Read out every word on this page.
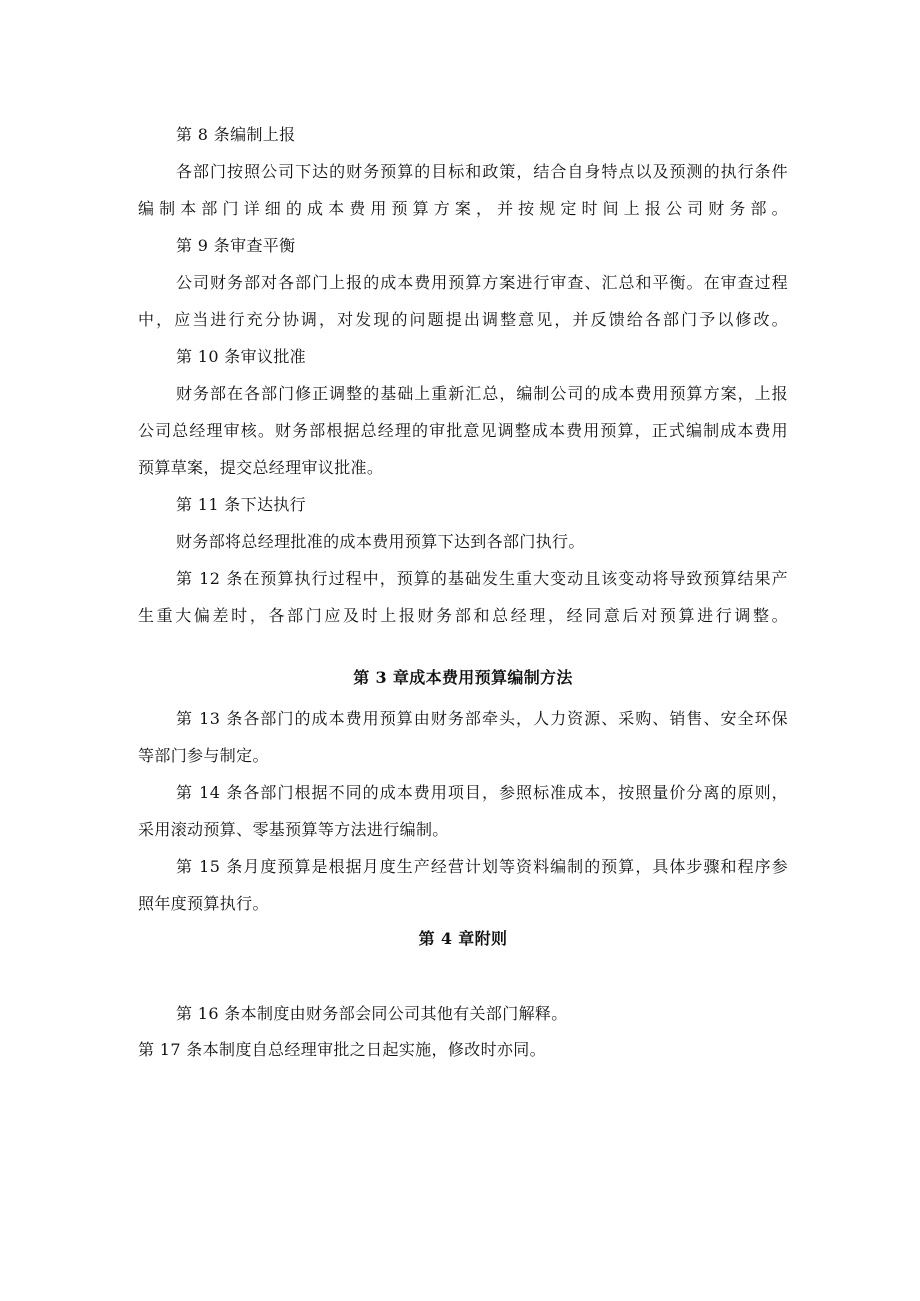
第 8 条编制上报
各部门按照公司下达的财务预算的目标和政策，结合自身特点以及预测的执行条件
编制本部门详细的成本费用预算方案，并按规定时间上报公司财务部。
第 9 条审查平衡
公司财务部对各部门上报的成本费用预算方案进行审查、汇总和平衡。在审查过程
中，应当进行充分协调，对发现的问题提出调整意见，并反馈给各部门予以修改。
第 10 条审议批准
财务部在各部门修正调整的基础上重新汇总，编制公司的成本费用预算方案，上报
公司总经理审核。财务部根据总经理的审批意见调整成本费用预算，正式编制成本费用
预算草案，提交总经理审议批准。
第 11 条下达执行
财务部将总经理批准的成本费用预算下达到各部门执行。
第 12 条在预算执行过程中，预算的基础发生重大变动且该变动将导致预算结果产
生重大偏差时，各部门应及时上报财务部和总经理，经同意后对预算进行调整。
第 3 章成本费用预算编制方法
第 13 条各部门的成本费用预算由财务部牵头，人力资源、采购、销售、安全环保
等部门参与制定。
第 14 条各部门根据不同的成本费用项目，参照标准成本，按照量价分离的原则，
采用滚动预算、零基预算等方法进行编制。
第 15 条月度预算是根据月度生产经营计划等资料编制的预算，具体步骤和程序参
照年度预算执行。
第 4 章附则
第 16 条本制度由财务部会同公司其他有关部门解释。
第 17 条本制度自总经理审批之日起实施，修改时亦同。
